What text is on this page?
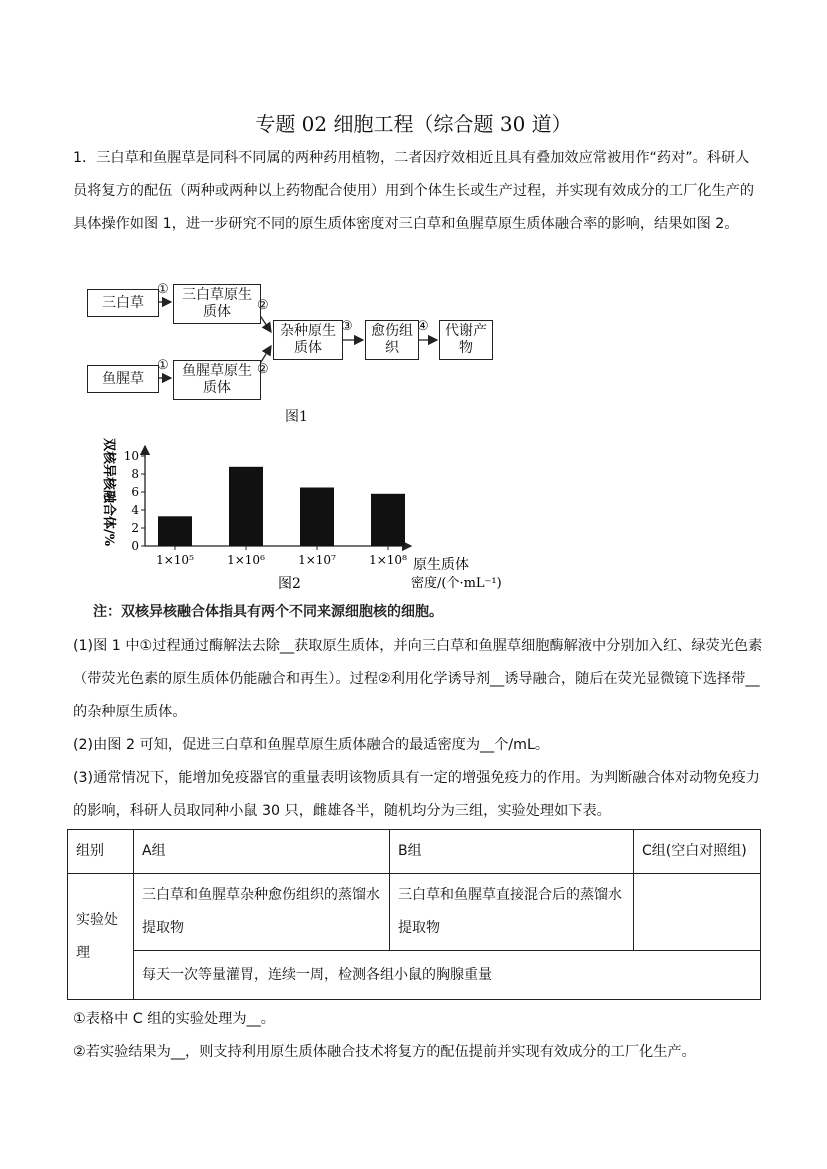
专题 02 细胞工程（综合题 30 道）

1．三白草和鱼腥草是同科不同属的两种药用植物，二者因疗效相近且具有叠加效应常被用作“药对”。科研人员将复方的配伍（两种或两种以上药物配合使用）用到个体生长或生产过程，并实现有效成分的工厂化生产的具体操作如图 1，进一步研究不同的原生质体密度对三白草和鱼腥草原生质体融合率的影响，结果如图 2。

三白草
鱼腥草
三白草原生质体
鱼腥草原生质体
杂种原生质体
愈伤组织
代谢产物
①
①
②
②
③	④
图1
双核异核融合体/% 0
2
4
6
8
10
1×10⁵	1×10⁶	1×10⁷	1×10⁸ 原生质体
密度/(个·mL⁻¹)
图2
注：双核异核融合体指具有两个不同来源细胞核的细胞。

(1)图 1 中①过程通过酶解法去除__获取原生质体，并向三白草和鱼腥草细胞酶解液中分别加入红、绿荧光色素（带荧光色素的原生质体仍能融合和再生）。过程②利用化学诱导剂__诱导融合，随后在荧光显微镜下选择带__的杂种原生质体。

(2)由图 2 可知，促进三白草和鱼腥草原生质体融合的最适密度为__个/mL。

(3)通常情况下，能增加免疫器官的重量表明该物质具有一定的增强免疫力的作用。为判断融合体对动物免疫力的影响，科研人员取同种小鼠 30 只，雌雄各半，随机均分为三组，实验处理如下表。

组别	A组	B组	C组(空白对照组)
实验处理	三白草和鱼腥草杂种愈伤组织的蒸馏水提取物	三白草和鱼腥草直接混合后的蒸馏水提取物	
	每天一次等量灌胃，连续一周，检测各组小鼠的胸腺重量		

①表格中 C 组的实验处理为__。

②若实验结果为__，则支持利用原生质体融合技术将复方的配伍提前并实现有效成分的工厂化生产。
